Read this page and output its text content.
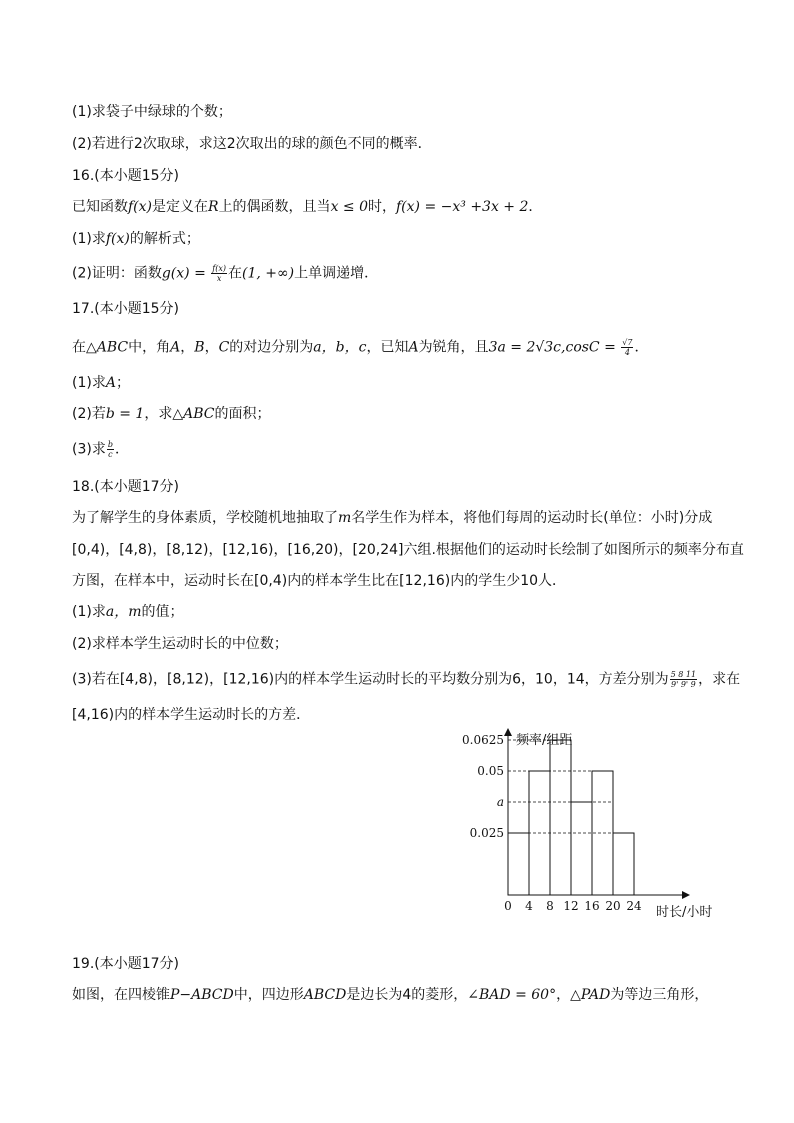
(1)求袋子中绿球的个数；
(2)若进行2次取球，求这2次取出的球的颜色不同的概率．
16.(本小题15分)
已知函数f(x)是定义在R上的偶函数，且当x ≤ 0时，f(x) = −x³ +3x + 2．
(1)求f(x)的解析式；
(2)证明：函数$g(x) = \frac{f(x)}{x}$ 在(1, +∞)上单调递增．
17.(本小题15分)
在△ABC中，角A，B，C的对边分别为a，b，c，已知A为锐角，且$3a = 2√3c,\cos C = \frac{√7}{4}$ ．
(1)求A；
(2)若b = 1，求△ABC的面积；
(3)求 $\frac{b}{c}$ ．
18.(本小题17分)
为了解学生的身体素质，学校随机地抽取了m名学生作为样本，将他们每周的运动时长(单位：小时)分成
[0,4)，[4,8)，[8,12)，[12,16)，[16,20)，[20,24]六组.根据他们的运动时长绘制了如图所示的频率分布直
方图，在样本中，运动时长在[0,4)内的样本学生比在[12,16)内的学生少10人．
(1)求a，m的值；
(2)求样本学生运动时长的中位数；
(3)若在[4,8)，[8,12)，[12,16)内的样本学生运动时长的平均数分别为6，10，14，方差分别为 $\frac{5 8 11}{9' 9' 9}$ ，求在
[4,16)内的样本学生运动时长的方差．
频率/组距
时长/小时
0.0625
0.05
a
0.025
0 4 8 12 16 20 24
19.(本小题17分)
如图，在四棱锥P−ABCD中，四边形ABCD是边长为4的菱形，∠BAD = 60°，△PAD为等边三角形，
